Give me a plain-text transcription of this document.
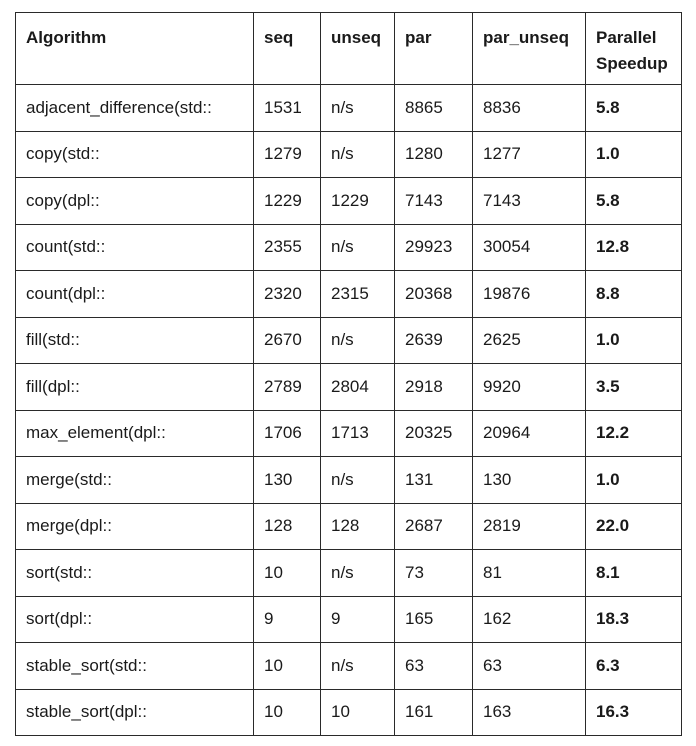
Algorithm	seq	unseq	par	par_unseq	Parallel Speedup
adjacent_difference(std::	1531	n/s	8865	8836	5.8
copy(std::	1279	n/s	1280	1277	1.0
copy(dpl::	1229	1229	7143	7143	5.8
count(std::	2355	n/s	29923	30054	12.8
count(dpl::	2320	2315	20368	19876	8.8
fill(std::	2670	n/s	2639	2625	1.0
fill(dpl::	2789	2804	2918	9920	3.5
max_element(dpl::	1706	1713	20325	20964	12.2
merge(std::	130	n/s	131	130	1.0
merge(dpl::	128	128	2687	2819	22.0
sort(std::	10	n/s	73	81	8.1
sort(dpl::	9	9	165	162	18.3
stable_sort(std::	10	n/s	63	63	6.3
stable_sort(dpl::	10	10	161	163	16.3
